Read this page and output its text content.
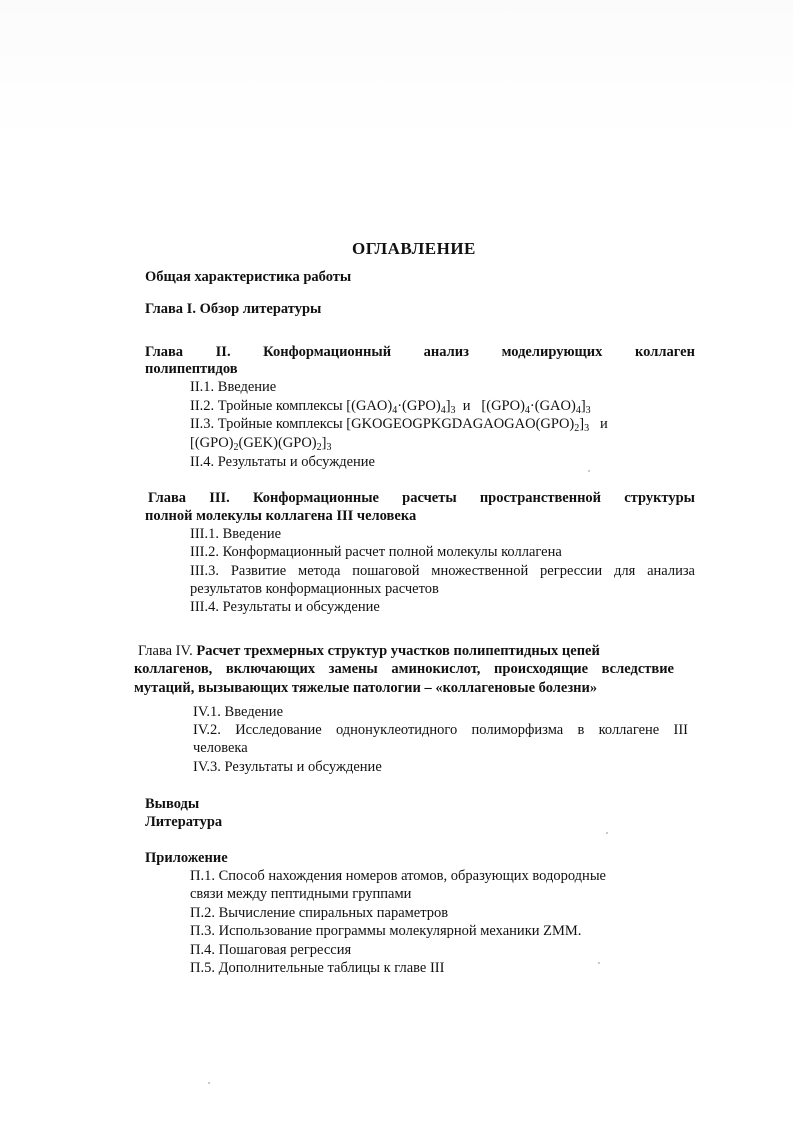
ОГЛАВЛЕНИЕ
Общая характеристика работы
Глава I. Обзор литературы
Глава II. Конформационный анализ моделирующих коллаген
полипептидов
II.1. Введение
II.2. Тройные комплексы $[(GAO)_4\cdot(GPO)_4]_3$  и   $[(GPO)_4\cdot(GAO)_4]_3$
II.3. Тройные комплексы $[GKOGEOGPKGDAGAOGAO(GPO)_2]_3$   и
$[(GPO)_2(GEK)(GPO)_2]_3$
II.4. Результаты и обсуждение
Глава III. Конформационные расчеты пространственной структуры
полной молекулы коллагена III человека
III.1. Введение
III.2. Конформационный расчет полной молекулы коллагена
III.3. Развитие метода пошаговой множественной регрессии для анализа
результатов конформационных расчетов
III.4. Результаты и обсуждение
Глава IV. Расчет трехмерных структур участков полипептидных цепей
коллагенов, включающих замены аминокислот, происходящие вследствие
мутаций, вызывающих тяжелые патологии – «коллагеновые болезни»
IV.1. Введение
IV.2. Исследование однонуклеотидного полиморфизма в коллагене III
человека
IV.3. Результаты и обсуждение
Выводы
Литература
Приложение
П.1. Способ нахождения номеров атомов, образующих водородные
связи между пептидными группами
П.2. Вычисление спиральных параметров
П.3. Использование программы молекулярной механики ZMM.
П.4. Пошаговая регрессия
П.5. Дополнительные таблицы к главе III
